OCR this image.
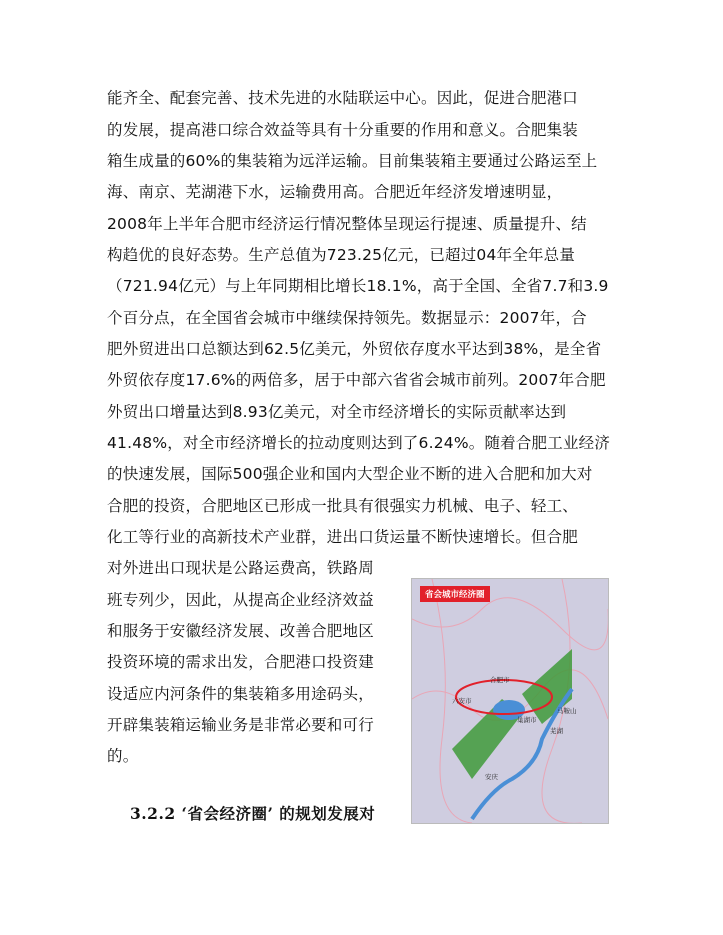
能齐全、配套完善、技术先进的水陆联运中心。因此，促进合肥港口
的发展，提高港口综合效益等具有十分重要的作用和意义。合肥集装
箱生成量的60%的集装箱为远洋运输。目前集装箱主要通过公路运至上
海、南京、芜湖港下水，运输费用高。合肥近年经济发增速明显，
2008年上半年合肥市经济运行情况整体呈现运行提速、质量提升、结
构趋优的良好态势。生产总值为723.25亿元，已超过04年全年总量
（721.94亿元）与上年同期相比增长18.1%，高于全国、全省7.7和3.9
个百分点，在全国省会城市中继续保持领先。数据显示：2007年，合
肥外贸进出口总额达到62.5亿美元，外贸依存度水平达到38%，是全省
外贸依存度17.6%的两倍多，居于中部六省省会城市前列。2007年合肥
外贸出口增量达到8.93亿美元，对全市经济增长的实际贡献率达到
41.48%，对全市经济增长的拉动度则达到了6.24%。随着合肥工业经济
的快速发展，国际500强企业和国内大型企业不断的进入合肥和加大对
合肥的投资，合肥地区已形成一批具有很强实力机械、电子、轻工、
化工等行业的高新技术产业群，进出口货运量不断快速增长。但合肥
对外进出口现状是公路运费高，铁路周
班专列少，因此，从提高企业经济效益
和服务于安徽经济发展、改善合肥地区
投资环境的需求出发，合肥港口投资建
设适应内河条件的集装箱多用途码头，
开辟集装箱运输业务是非常必要和可行
的。
省会城市经济圈
合肥市
六安市
巢湖市
马鞍山
芜湖
安庆
3.2.2 ‘省会经济圈’ 的规划发展对
